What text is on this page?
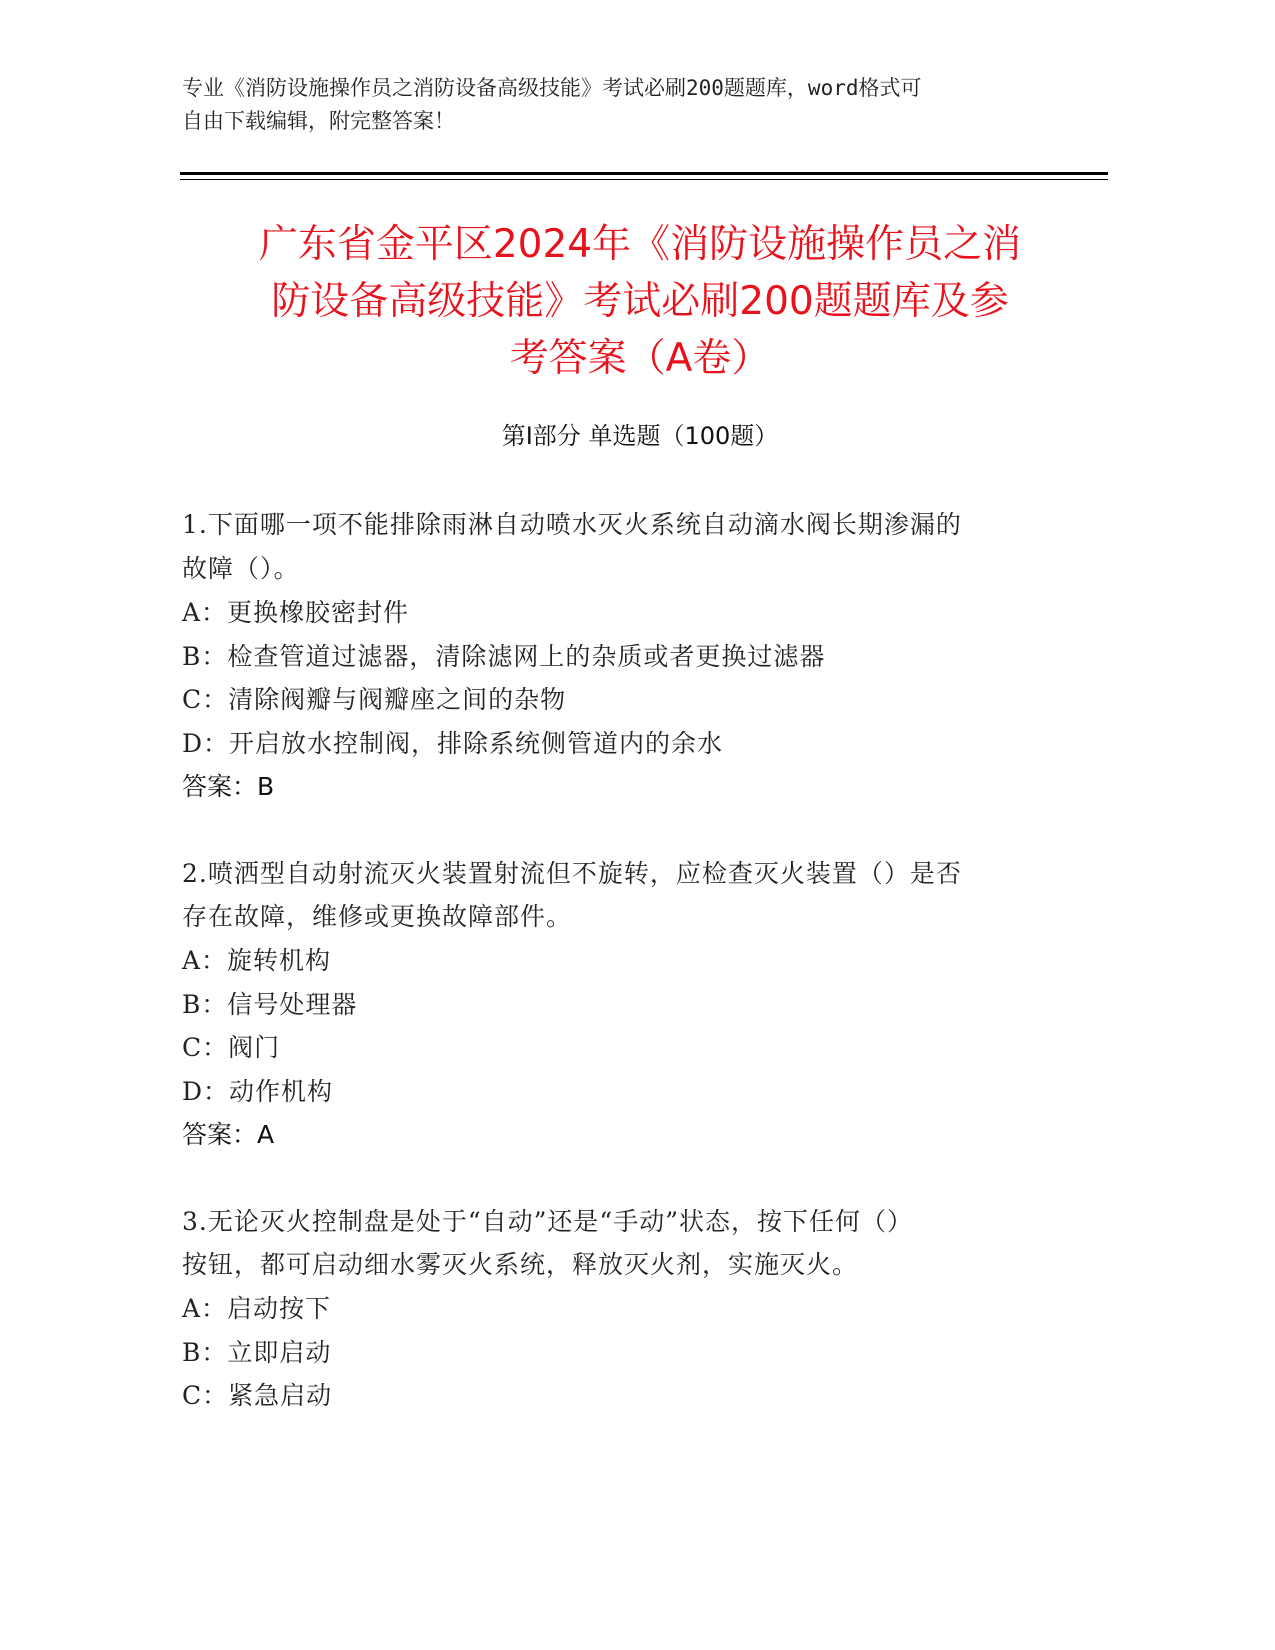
专业《消防设施操作员之消防设备高级技能》考试必刷200题题库，word格式可
自由下载编辑，附完整答案！
广东省金平区2024年《消防设施操作员之消
防设备高级技能》考试必刷200题题库及参
考答案（A卷）
第Ⅰ部分 单选题（100题）
1.下面哪一项不能排除雨淋自动喷水灭火系统自动滴水阀长期渗漏的
故障（）。
A：更换橡胶密封件
B：检查管道过滤器，清除滤网上的杂质或者更换过滤器
C：清除阀瓣与阀瓣座之间的杂物
D：开启放水控制阀，排除系统侧管道内的余水
答案：B
2.喷洒型自动射流灭火装置射流但不旋转，应检查灭火装置（）是否
存在故障，维修或更换故障部件。
A：旋转机构
B：信号处理器
C：阀门
D：动作机构
答案：A
3.无论灭火控制盘是处于“自动”还是“手动”状态，按下任何（）
按钮，都可启动细水雾灭火系统，释放灭火剂，实施灭火。
A：启动按下
B：立即启动
C：紧急启动
